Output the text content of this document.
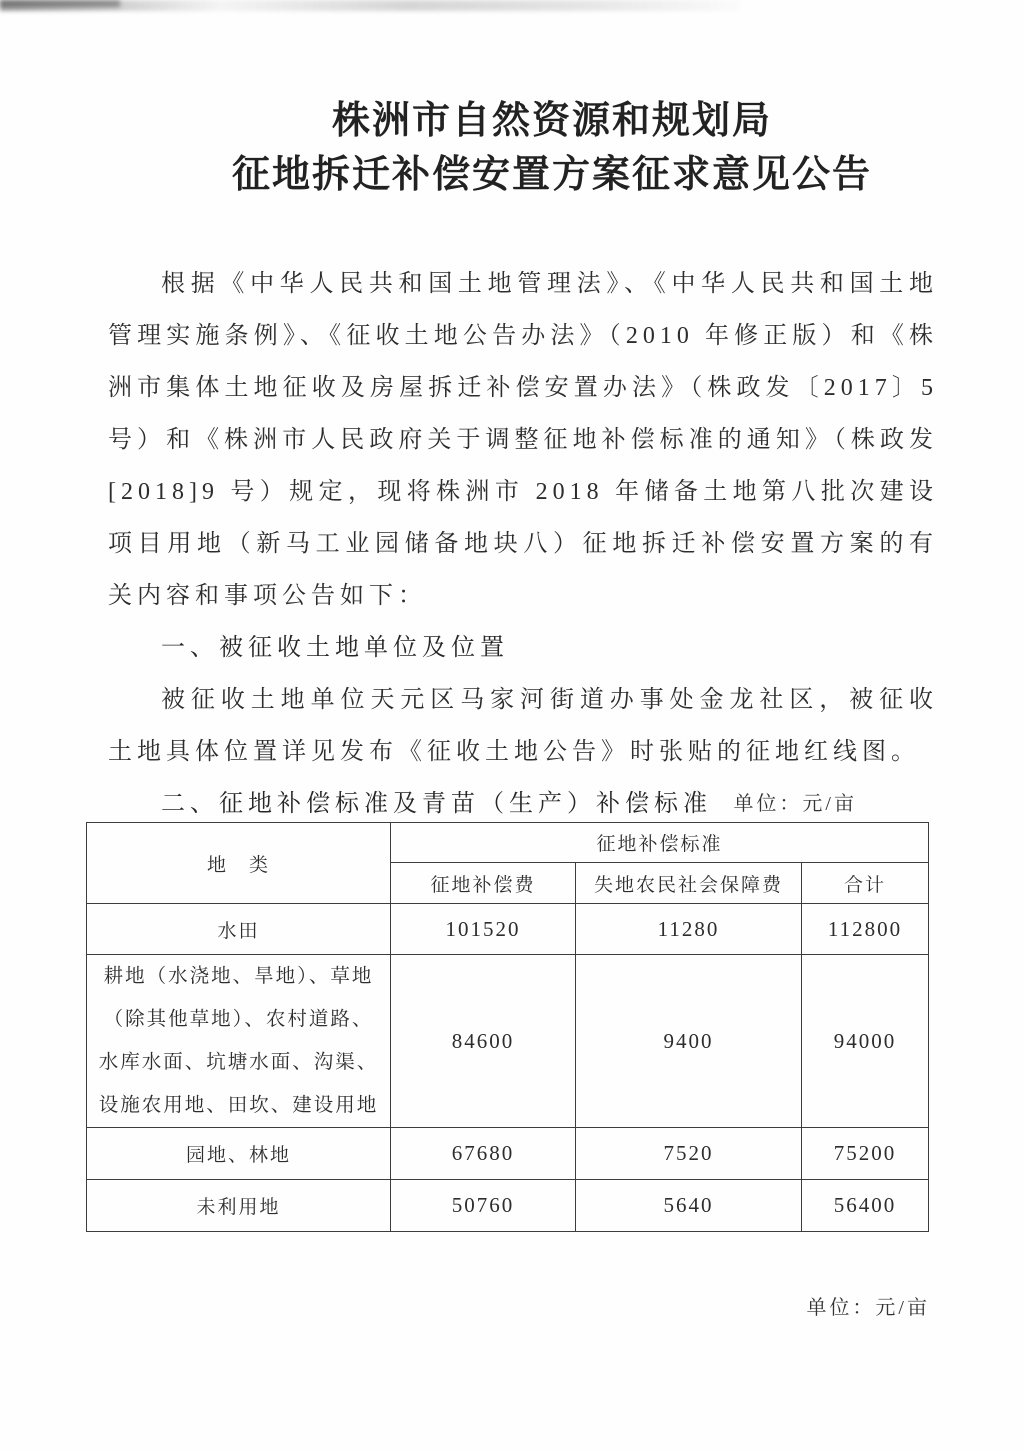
株洲市自然资源和规划局
征地拆迁补偿安置方案征求意见公告

根据《中华人民共和国土地管理法》、《中华人民共和国土地管理实施条例》、《征收土地公告办法》（2010 年修正版）和《株洲市集体土地征收及房屋拆迁补偿安置办法》（株政发〔2017〕5 号）和《株洲市人民政府关于调整征地补偿标准的通知》（株政发[2018]9 号）规定，现将株洲市 2018 年储备土地第八批次建设项目用地（新马工业园储备地块八）征地拆迁补偿安置方案的有关内容和事项公告如下：

一、被征收土地单位及位置

被征收土地单位天元区马家河街道办事处金龙社区，被征收土地具体位置详见发布《征收土地公告》时张贴的征地红线图。

二、征地补偿标准及青苗（生产）补偿标准	单位：元/亩
地　类	征地补偿标准		
	征地补偿费	失地农民社会保障费	合计
水田	101520	11280	112800
耕地（水浇地、旱地）、草地（除其他草地）、农村道路、水库水面、坑塘水面、沟渠、设施农用地、田坎、建设用地	84600	9400	94000
园地、林地	67680	7520	75200
未利用地	50760	5640	56400
单位：元/亩
